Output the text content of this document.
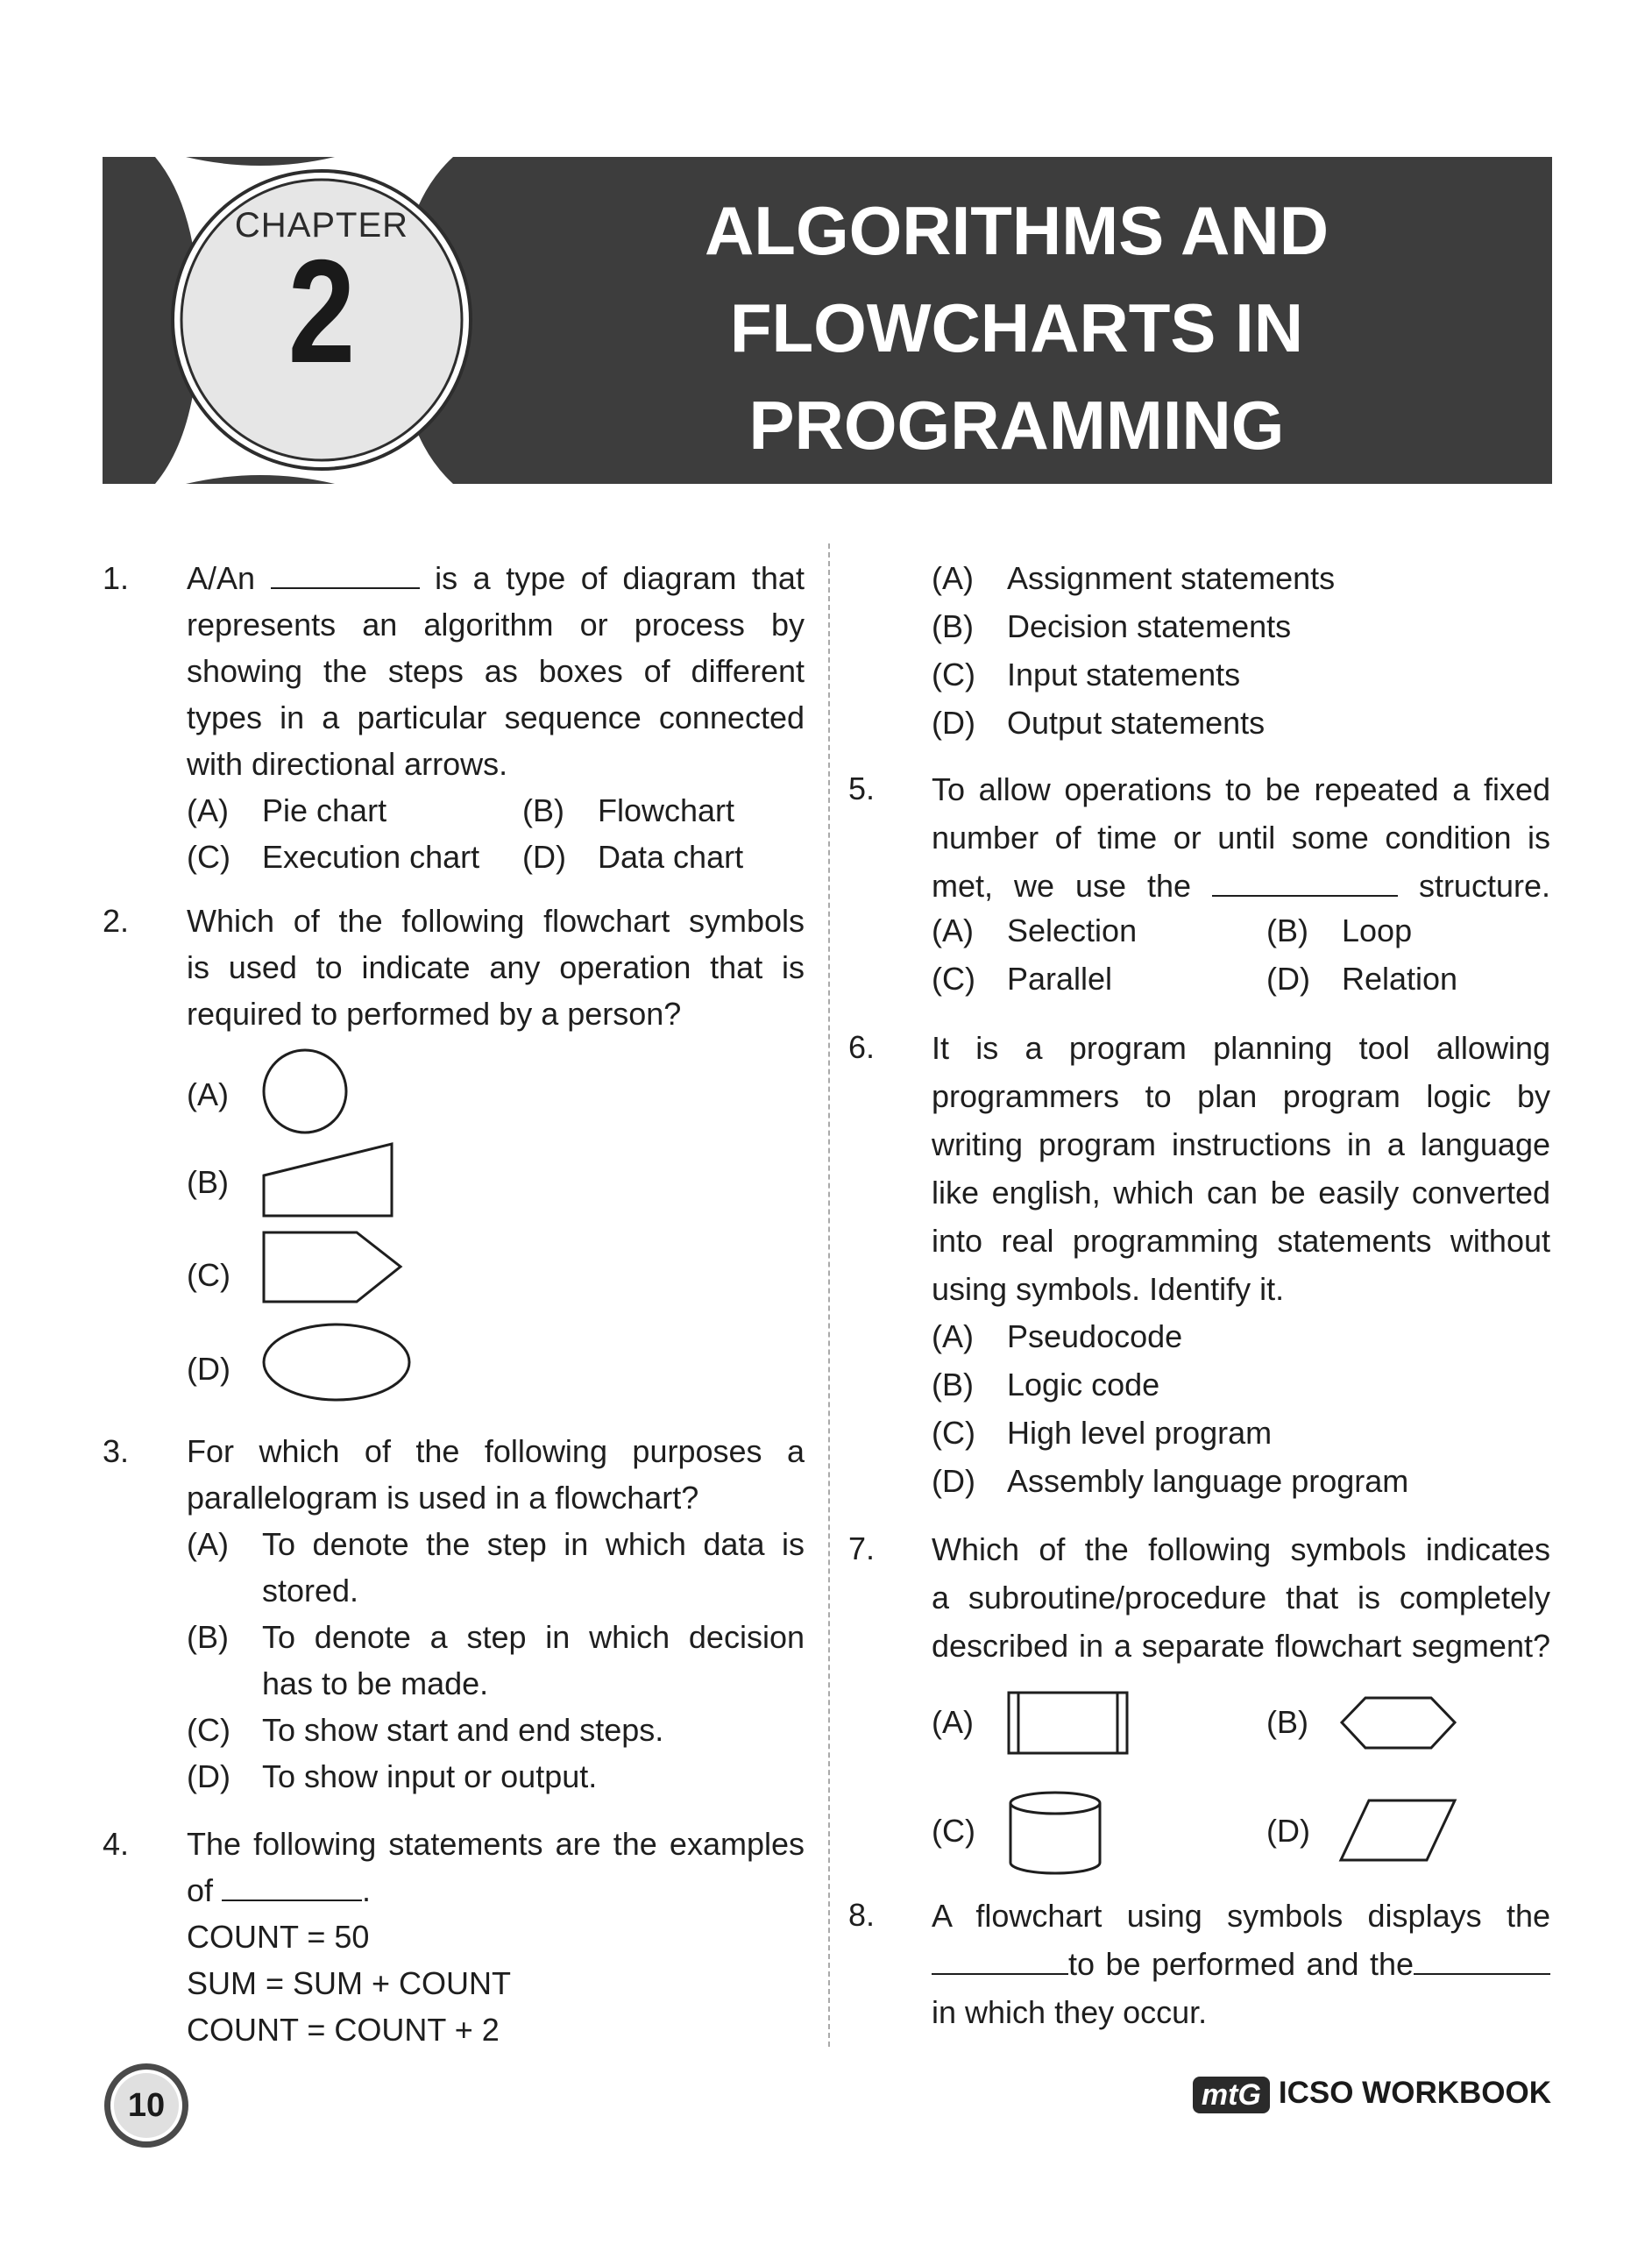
CHAPTER
2	ALGORITHMS AND
FLOWCHARTS IN
PROGRAMMING
1. A/An	is a type of diagram that
represents an algorithm or process by
showing the steps as boxes of different
types in a particular sequence connected
with directional arrows.
(A) Pie chart	(B) Flowchart
(C) Execution chart (D) Data chart
2. Which of the following flowchart symbols
is used to indicate any operation that is
required to performed by a person?
(A)
(B)
(C)
(D)
3. For which of the following purposes a
parallelogram is used in a flowchart?
(A) To denote the step in which data is
stored.
(B) To denote a step in which decision
has to be made.
(C) To show start and end steps.
(D) To show input or output.
4. The following statements are the examples
of	.
COUNT = 50
SUM = SUM + COUNT
COUNT = COUNT + 2
(A) Assignment statements
(B) Decision statements
(C) Input statements
(D) Output statements
5. To allow operations to be repeated a fixed
number of time or until some condition is
met, we use the	structure.
(A) Selection	(B) Loop
(C) Parallel	(D) Relation
6. It is a program planning tool allowing
programmers to plan program logic by
writing program instructions in a language
like english, which can be easily converted
into real programming statements without
using symbols. Identify it.
(A) Pseudocode
(B) Logic code
(C) High level program
(D) Assembly language program
7. Which of the following symbols indicates
a subroutine/procedure that is completely
described in a separate flowchart segment?
(A)	(B)
(C)	(D)
8. A flowchart using symbols displays the
to be performed and the
in which they occur.
10	mtG ICSO WORKBOOK
